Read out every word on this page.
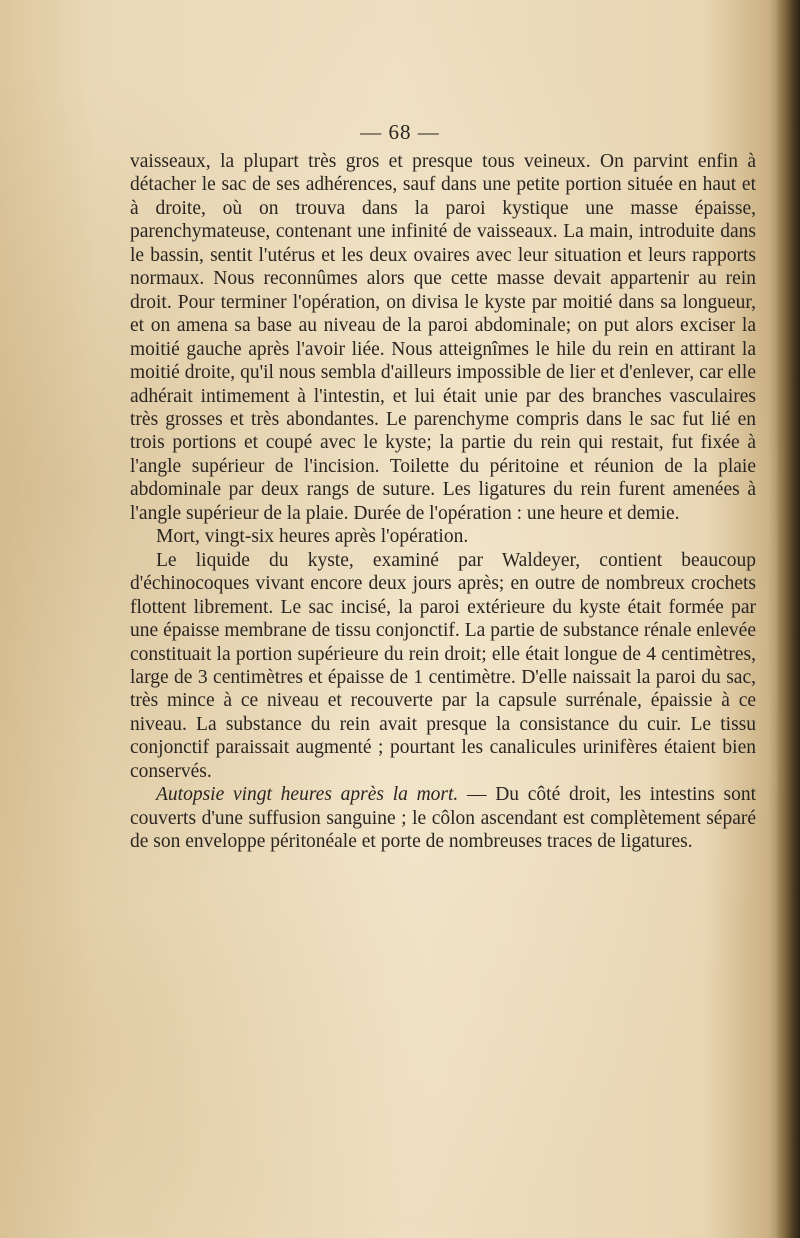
— 68 —

vaisseaux, la plupart très gros et presque tous veineux. On parvint enfin à détacher le sac de ses adhérences, sauf dans une petite portion située en haut et à droite, où on trouva dans la paroi kystique une masse épaisse, parenchymateuse, contenant une infinité de vaisseaux. La main, introduite dans le bassin, sentit l'utérus et les deux ovaires avec leur situation et leurs rapports normaux. Nous reconnûmes alors que cette masse devait appartenir au rein droit. Pour terminer l'opération, on divisa le kyste par moitié dans sa longueur, et on amena sa base au niveau de la paroi abdominale; on put alors exciser la moitié gauche après l'avoir liée. Nous atteignîmes le hile du rein en attirant la moitié droite, qu'il nous sembla d'ailleurs impossible de lier et d'enlever, car elle adhérait intimement à l'intestin, et lui était unie par des branches vasculaires très grosses et très abondantes. Le parenchyme compris dans le sac fut lié en trois portions et coupé avec le kyste; la partie du rein qui restait, fut fixée à l'angle supérieur de l'incision. Toilette du péritoine et réunion de la plaie abdominale par deux rangs de suture. Les ligatures du rein furent amenées à l'angle supérieur de la plaie. Durée de l'opération : une heure et demie.

Mort, vingt-six heures après l'opération.

Le liquide du kyste, examiné par Waldeyer, contient beaucoup d'échinocoques vivant encore deux jours après; en outre de nombreux crochets flottent librement. Le sac incisé, la paroi extérieure du kyste était formée par une épaisse membrane de tissu conjonctif. La partie de substance rénale enlevée constituait la portion supérieure du rein droit; elle était longue de 4 centimètres, large de 3 centimètres et épaisse de 1 centimètre. D'elle naissait la paroi du sac, très mince à ce niveau et recouverte par la capsule surrénale, épaissie à ce niveau. La substance du rein avait presque la consistance du cuir. Le tissu conjonctif paraissait augmenté ; pourtant les canalicules urinifères étaient bien conservés.

Autopsie vingt heures après la mort. — Du côté droit, les intestins sont couverts d'une suffusion sanguine ; le côlon ascendant est complètement séparé de son enveloppe péritonéale et porte de nombreuses traces de ligatures.
